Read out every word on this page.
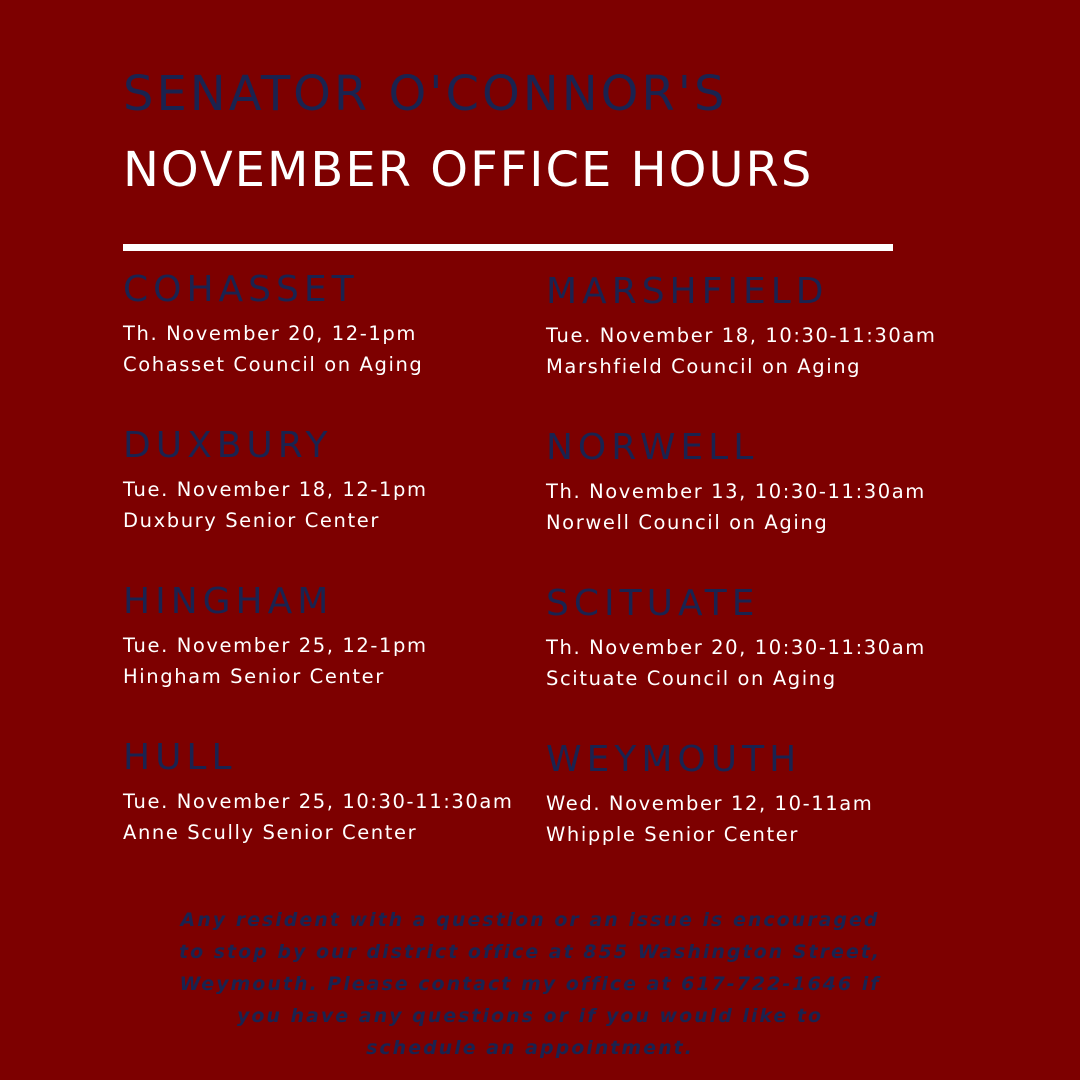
SENATOR O'CONNOR'S
NOVEMBER OFFICE HOURS
COHASSET
Th. November 20, 12-1pm
Cohasset Council on Aging
DUXBURY
Tue. November 18, 12-1pm
Duxbury Senior Center
HINGHAM
Tue. November 25, 12-1pm
Hingham Senior Center
HULL
Tue. November 25, 10:30-11:30am
Anne Scully Senior Center
MARSHFIELD
Tue. November 18, 10:30-11:30am
Marshfield Council on Aging
NORWELL
Th. November 13, 10:30-11:30am
Norwell Council on Aging
SCITUATE
Th. November 20, 10:30-11:30am
Scituate Council on Aging
WEYMOUTH
Wed. November 12, 10-11am
Whipple Senior Center
Any resident with a question or an issue is encouraged
to stop by our district office at 855 Washington Street,
Weymouth. Please contact my office at 617-722-1646 if
you have any questions or if you would like to
schedule an appointment.
